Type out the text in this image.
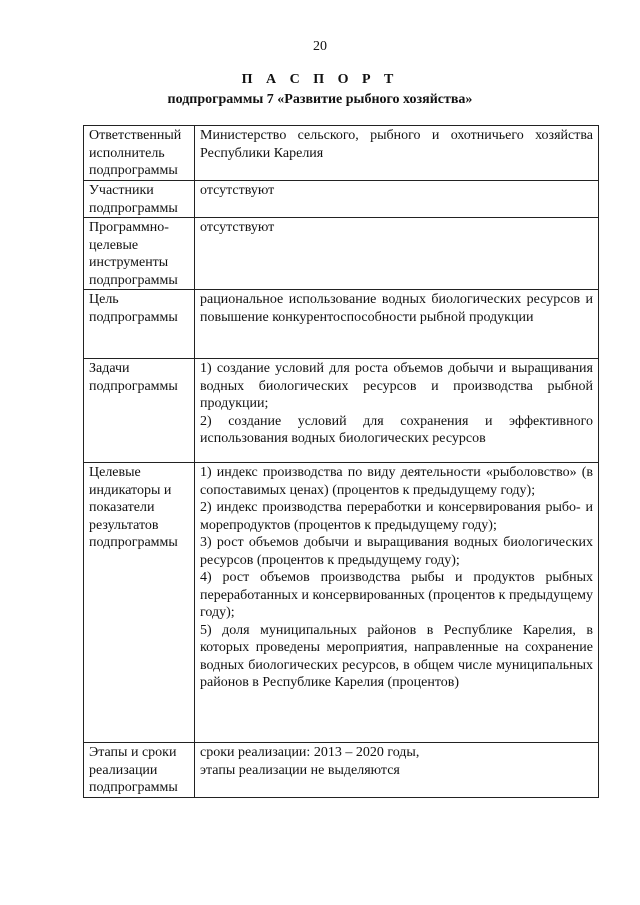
20
П А С П О Р Т
подпрограммы 7 «Развитие рыбного хозяйства»
Ответственный исполнитель подпрограммы	Министерство сельского, рыбного и охотничьего хозяйства Республики Карелия

Участники подпрограммы	отсутствуют

Программно-целевые инструменты подпрограммы	отсутствуют

Цель подпрограммы	рациональное использование водных биологических ресурсов и повышение конкурентоспособности рыбной продукции

Задачи подпрограммы	1) создание условий для роста объемов добычи и выращивания водных биологических ресурсов и производства рыбной продукции;
2) создание условий для сохранения и эффективного использования водных биологических ресурсов

Целевые индикаторы и показатели результатов подпрограммы	1) индекс производства по виду деятельности «рыболовство» (в сопоставимых ценах) (процентов к предыдущему году);
2) индекс производства переработки и консервирования рыбо- и морепродуктов (процентов к предыдущему году);
3) рост объемов добычи и выращивания водных биологических ресурсов (процентов к предыдущему году);
4) рост объемов производства рыбы и продуктов рыбных переработанных и консервированных (процентов к предыдущему году);
5) доля муниципальных районов в Республике Карелия, в которых проведены мероприятия, направленные на сохранение водных биологических ресурсов, в общем числе муниципальных районов в Республике Карелия (процентов)

Этапы и сроки реализации подпрограммы	сроки реализации: 2013 – 2020 годы,
этапы реализации не выделяются
